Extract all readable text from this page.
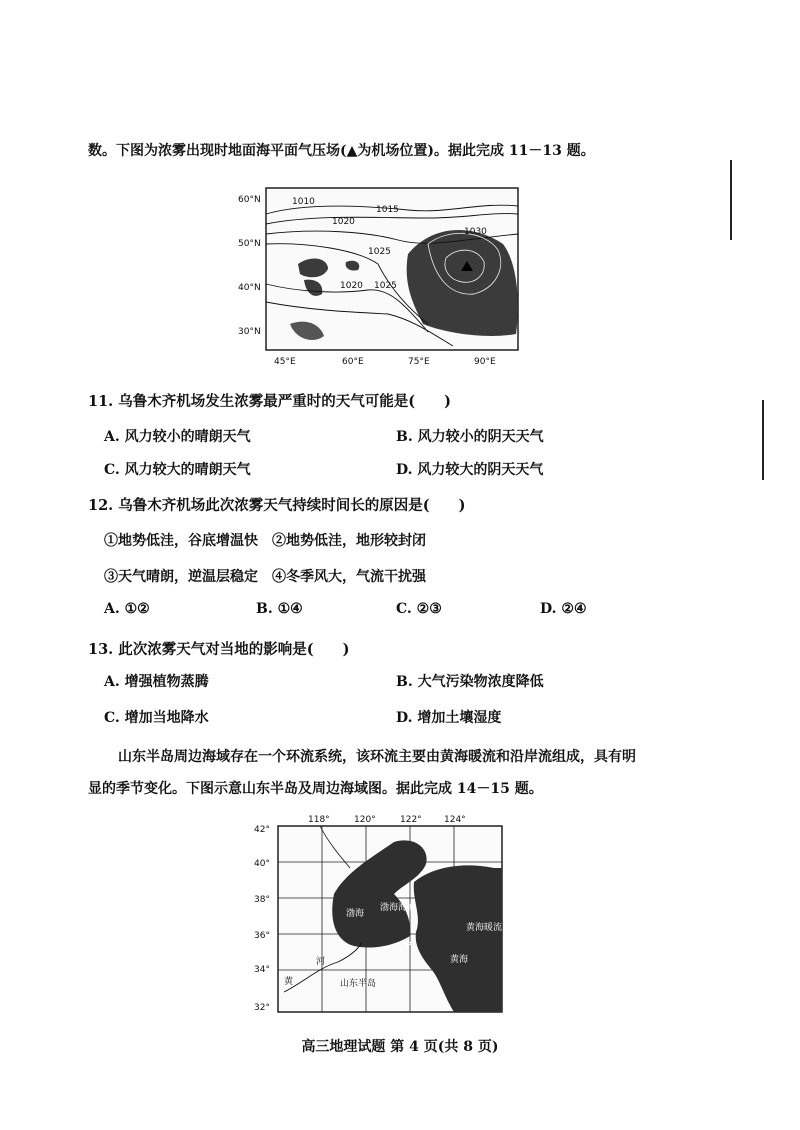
数。下图为浓雾出现时地面海平面气压场(▲为机场位置)。据此完成 11－13 题。
1010
1015
1020
1025
1030
1025
1020
60°N
50°N
40°N
30°N
45°E	60°E	75°E	90°E
11. 乌鲁木齐机场发生浓雾最严重时的天气可能是(　　)
A. 风力较小的晴朗天气	B. 风力较小的阴天天气
C. 风力较大的晴朗天气	D. 风力较大的阴天天气
12. 乌鲁木齐机场此次浓雾天气持续时间长的原因是(　　)
①地势低洼，谷底增温快　②地势低洼，地形较封闭
③天气晴朗，逆温层稳定　④冬季风大，气流干扰强
A. ①②	B. ①④	C. ②③	D. ②④
13. 此次浓雾天气对当地的影响是(　　)
A. 增强植物蒸腾	B. 大气污染物浓度降低
C. 增加当地降水	D. 增加土壤湿度
山东半岛周边海域存在一个环流系统，该环流主要由黄海暖流和沿岸流组成，具有明
显的季节变化。下图示意山东半岛及周边海域图。据此完成 14－15 题。
渤海
渤海海峡
黄海暖流
黄海
P
河
黄	山东半岛
118°	120°	122° 124°
42°
40°
38°
36°
34°
32°
高三地理试题 第 4 页(共 8 页)
